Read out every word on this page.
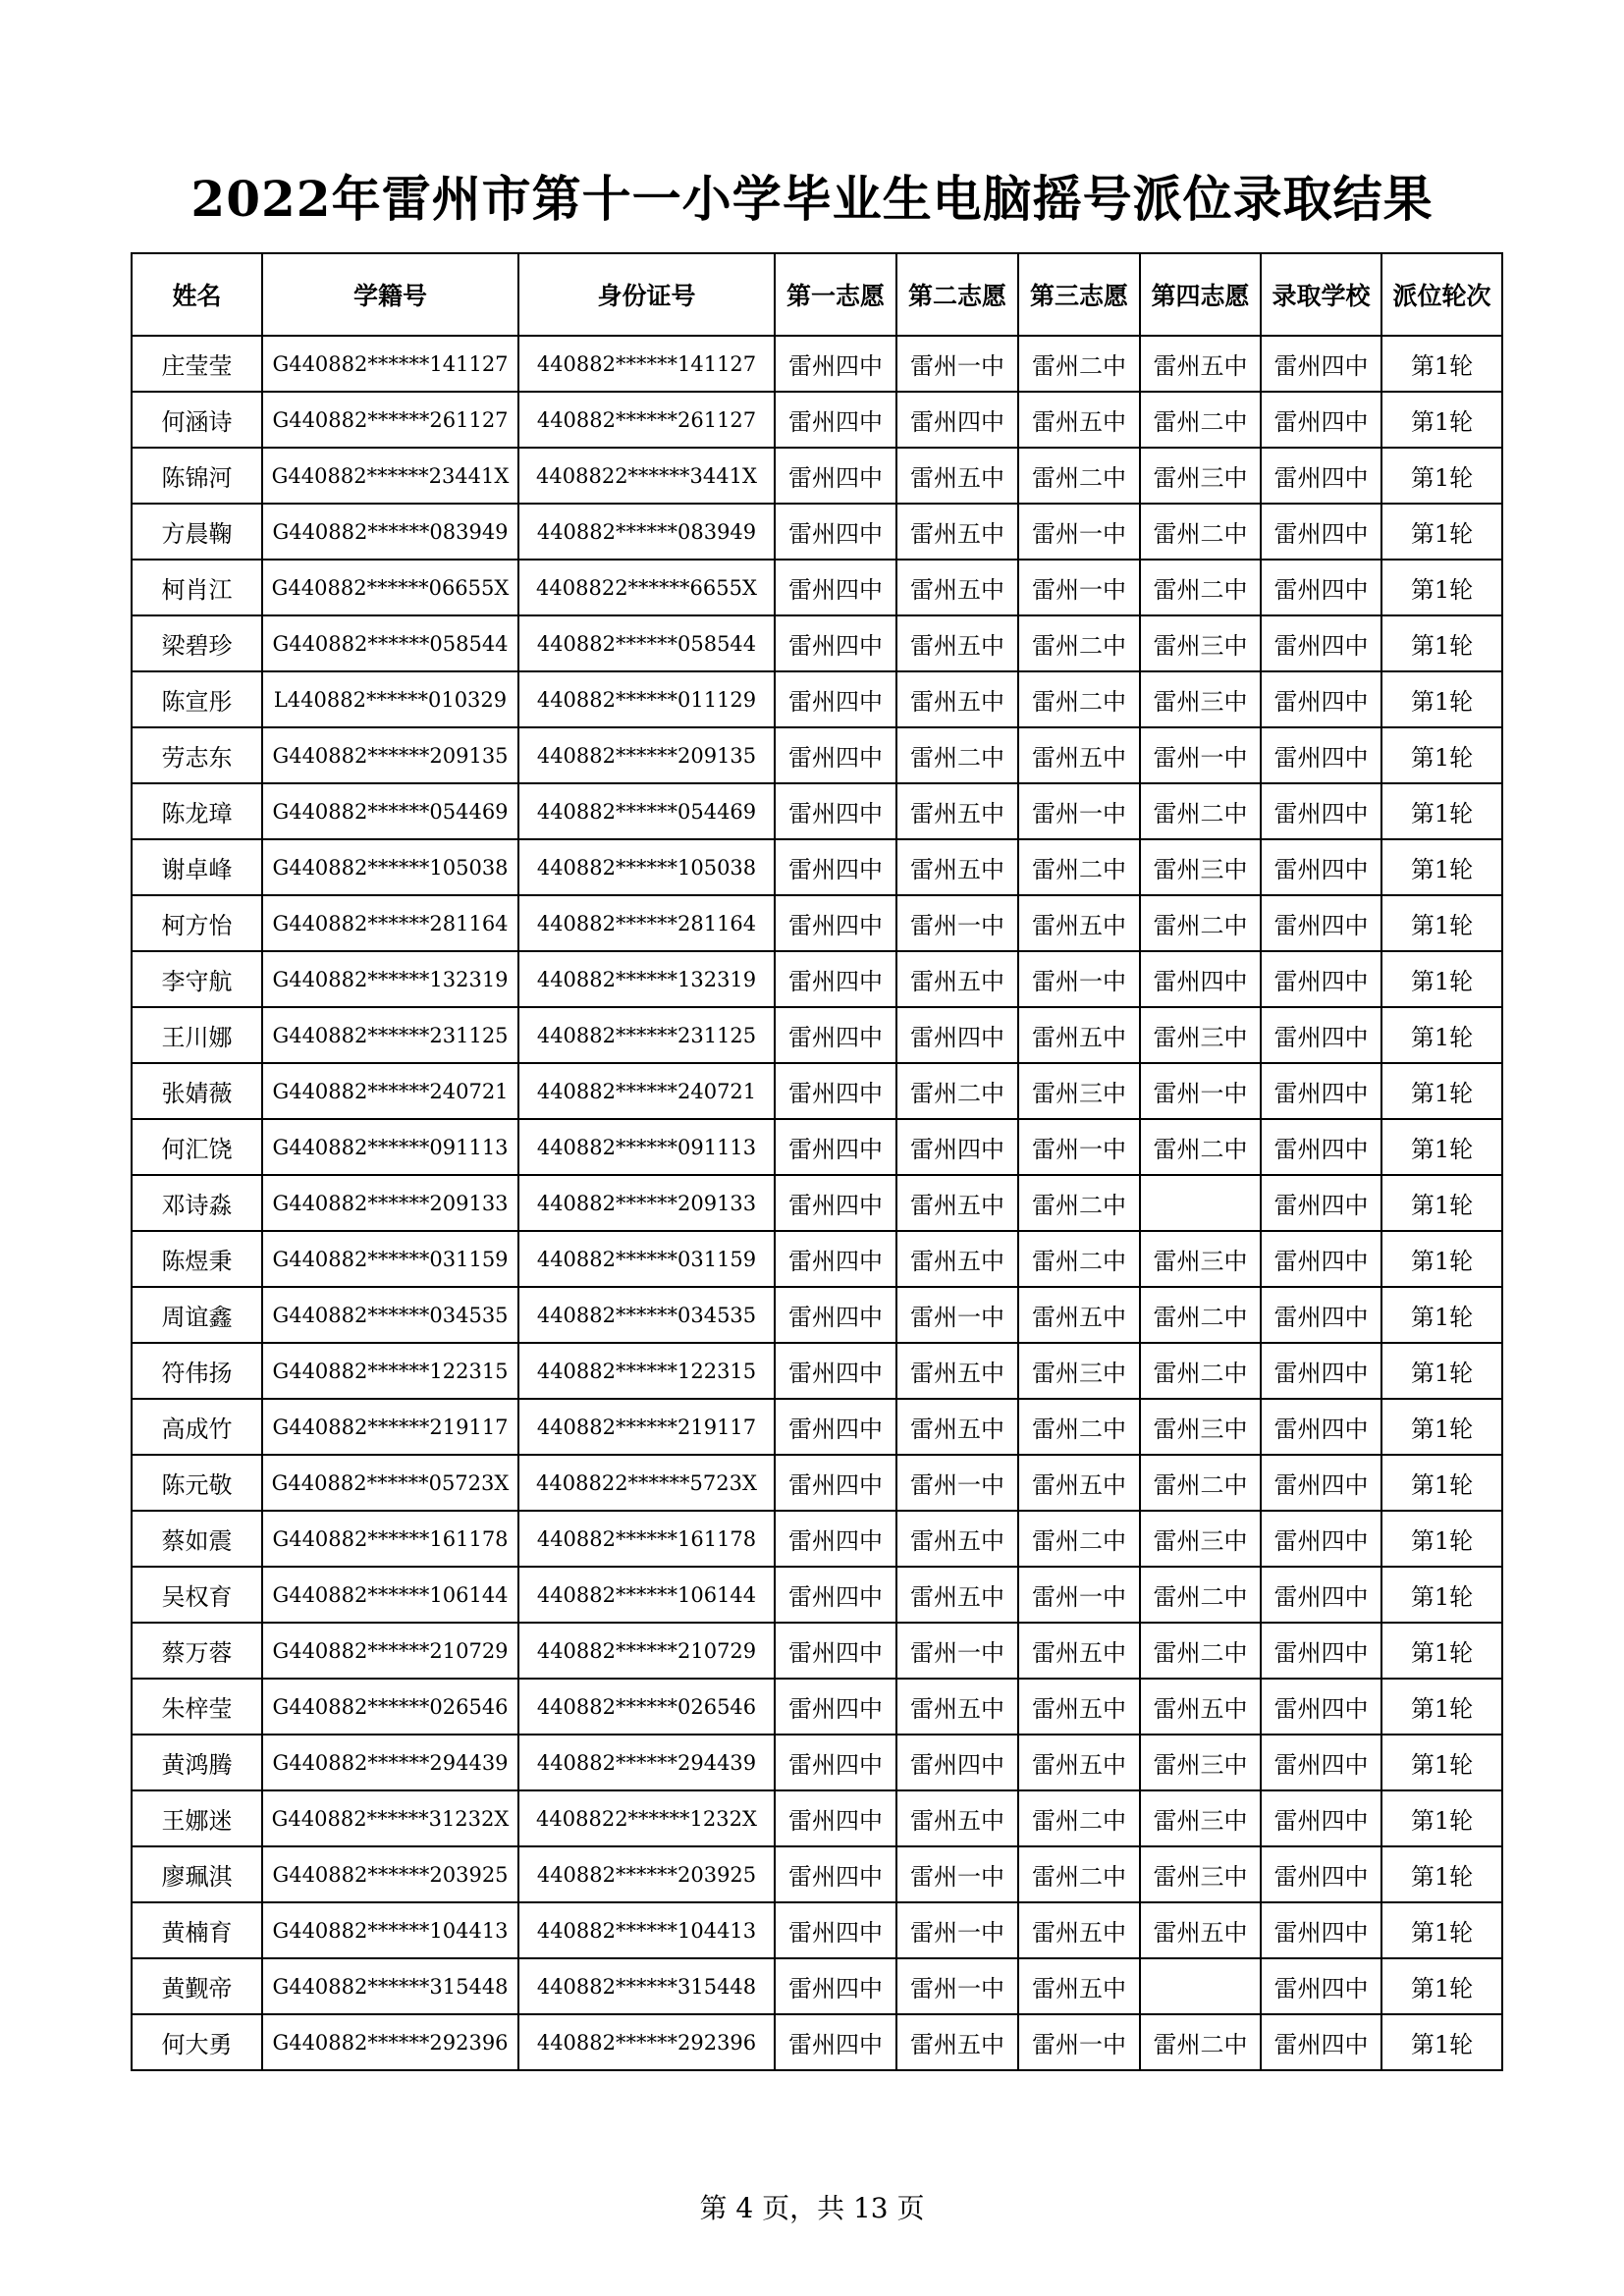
2022年雷州市第十一小学毕业生电脑摇号派位录取结果
姓名	学籍号	身份证号	第一志愿	第二志愿	第三志愿	第四志愿	录取学校	派位轮次
庄莹莹	G440882******141127	440882******141127	雷州四中	雷州一中	雷州二中	雷州五中	雷州四中	第1轮
何涵诗	G440882******261127	440882******261127	雷州四中	雷州四中	雷州五中	雷州二中	雷州四中	第1轮
陈锦河	G440882******23441X	4408822******3441X	雷州四中	雷州五中	雷州二中	雷州三中	雷州四中	第1轮
方晨鞠	G440882******083949	440882******083949	雷州四中	雷州五中	雷州一中	雷州二中	雷州四中	第1轮
柯肖江	G440882******06655X	4408822******6655X	雷州四中	雷州五中	雷州一中	雷州二中	雷州四中	第1轮
梁碧珍	G440882******058544	440882******058544	雷州四中	雷州五中	雷州二中	雷州三中	雷州四中	第1轮
陈宣彤	L440882******010329	440882******011129	雷州四中	雷州五中	雷州二中	雷州三中	雷州四中	第1轮
劳志东	G440882******209135	440882******209135	雷州四中	雷州二中	雷州五中	雷州一中	雷州四中	第1轮
陈龙璋	G440882******054469	440882******054469	雷州四中	雷州五中	雷州一中	雷州二中	雷州四中	第1轮
谢卓峰	G440882******105038	440882******105038	雷州四中	雷州五中	雷州二中	雷州三中	雷州四中	第1轮
柯方怡	G440882******281164	440882******281164	雷州四中	雷州一中	雷州五中	雷州二中	雷州四中	第1轮
李守航	G440882******132319	440882******132319	雷州四中	雷州五中	雷州一中	雷州四中	雷州四中	第1轮
王川娜	G440882******231125	440882******231125	雷州四中	雷州四中	雷州五中	雷州三中	雷州四中	第1轮
张婧薇	G440882******240721	440882******240721	雷州四中	雷州二中	雷州三中	雷州一中	雷州四中	第1轮
何汇饶	G440882******091113	440882******091113	雷州四中	雷州四中	雷州一中	雷州二中	雷州四中	第1轮
邓诗淼	G440882******209133	440882******209133	雷州四中	雷州五中	雷州二中		雷州四中	第1轮
陈煜秉	G440882******031159	440882******031159	雷州四中	雷州五中	雷州二中	雷州三中	雷州四中	第1轮
周谊鑫	G440882******034535	440882******034535	雷州四中	雷州一中	雷州五中	雷州二中	雷州四中	第1轮
符伟扬	G440882******122315	440882******122315	雷州四中	雷州五中	雷州三中	雷州二中	雷州四中	第1轮
高成竹	G440882******219117	440882******219117	雷州四中	雷州五中	雷州二中	雷州三中	雷州四中	第1轮
陈元敬	G440882******05723X	4408822******5723X	雷州四中	雷州一中	雷州五中	雷州二中	雷州四中	第1轮
蔡如震	G440882******161178	440882******161178	雷州四中	雷州五中	雷州二中	雷州三中	雷州四中	第1轮
吴权育	G440882******106144	440882******106144	雷州四中	雷州五中	雷州一中	雷州二中	雷州四中	第1轮
蔡万蓉	G440882******210729	440882******210729	雷州四中	雷州一中	雷州五中	雷州二中	雷州四中	第1轮
朱梓莹	G440882******026546	440882******026546	雷州四中	雷州五中	雷州五中	雷州五中	雷州四中	第1轮
黄鸿腾	G440882******294439	440882******294439	雷州四中	雷州四中	雷州五中	雷州三中	雷州四中	第1轮
王娜迷	G440882******31232X	4408822******1232X	雷州四中	雷州五中	雷州二中	雷州三中	雷州四中	第1轮
廖珮淇	G440882******203925	440882******203925	雷州四中	雷州一中	雷州二中	雷州三中	雷州四中	第1轮
黄楠育	G440882******104413	440882******104413	雷州四中	雷州一中	雷州五中	雷州五中	雷州四中	第1轮
黄觐帝	G440882******315448	440882******315448	雷州四中	雷州一中	雷州五中		雷州四中	第1轮
何大勇	G440882******292396	440882******292396	雷州四中	雷州五中	雷州一中	雷州二中	雷州四中	第1轮
第 4 页，共 13 页
